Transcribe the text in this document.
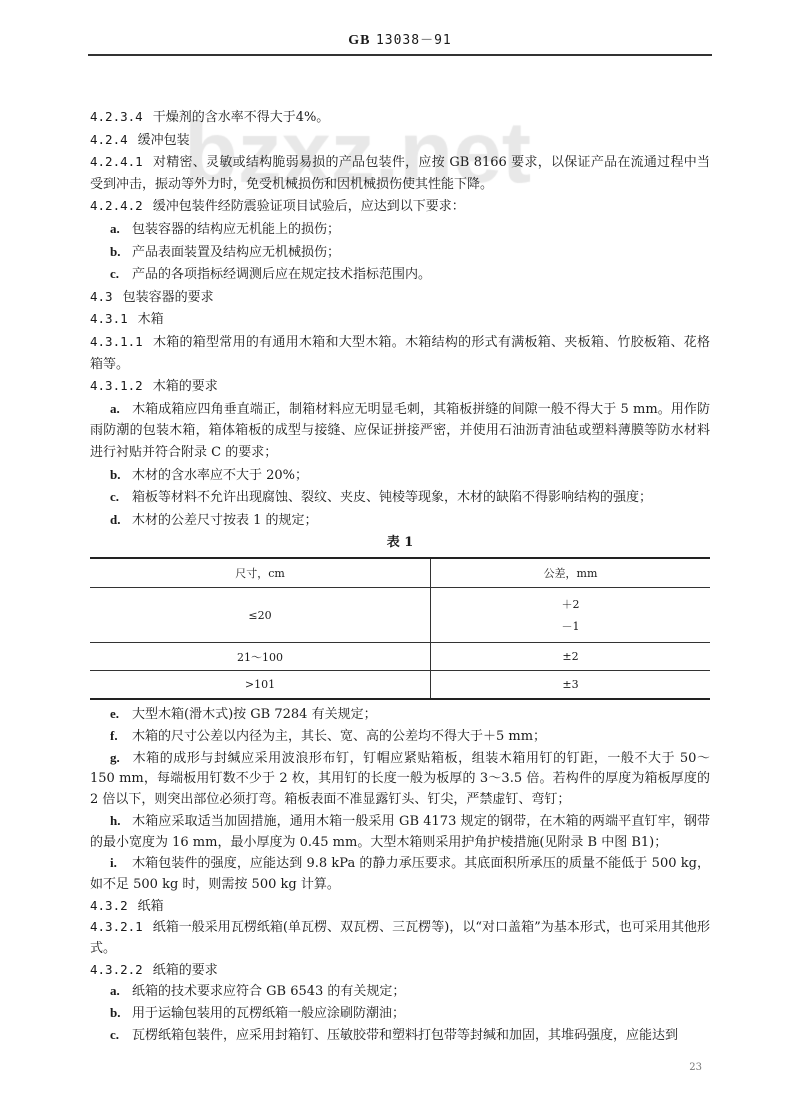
GB 13038－91

4.2.3.4 干燥剂的含水率不得大于4%。

4.2.4 缓冲包装

4.2.4.1 对精密、灵敏或结构脆弱易损的产品包装件，应按 GB 8166 要求，以保证产品在流通过程中当受到冲击，振动等外力时，免受机械损伤和因机械损伤使其性能下降。

4.2.4.2 缓冲包装件经防震验证项目试验后，应达到以下要求：

a. 包装容器的结构应无机能上的损伤；

b. 产品表面装置及结构应无机械损伤；

c. 产品的各项指标经调测后应在规定技术指标范围内。

4.3 包装容器的要求

4.3.1 木箱

4.3.1.1 木箱的箱型常用的有通用木箱和大型木箱。木箱结构的形式有满板箱、夹板箱、竹胶板箱、花格箱等。

4.3.1.2 木箱的要求

a. 木箱成箱应四角垂直端正，制箱材料应无明显毛刺，其箱板拼缝的间隙一般不得大于 5 mm。用作防雨防潮的包装木箱，箱体箱板的成型与接缝、应保证拼接严密，并使用石油沥青油毡或塑料薄膜等防水材料进行衬贴并符合附录 C 的要求；

b. 木材的含水率应不大于 20%；

c. 箱板等材料不允许出现腐蚀、裂纹、夹皮、钝棱等现象，木材的缺陷不得影响结构的强度；

d. 木材的公差尺寸按表 1 的规定；

表 1
尺寸，cm	公差，mm
≤20	＋2
－1

21～100	±2
>101	±3

e. 大型木箱(滑木式)按 GB 7284 有关规定；

f. 木箱的尺寸公差以内径为主，其长、宽、高的公差均不得大于＋5 mm；

g. 木箱的成形与封缄应采用波浪形布钉，钉帽应紧贴箱板，组装木箱用钉的钉距，一般不大于 50～150 mm，每端板用钉数不少于 2 枚，其用钉的长度一般为板厚的 3～3.5 倍。若构件的厚度为箱板厚度的 2 倍以下，则突出部位必须打弯。箱板表面不准显露钉头、钉尖，严禁虚钉、弯钉；

h. 木箱应采取适当加固措施，通用木箱一般采用 GB 4173 规定的钢带，在木箱的两端平直钉牢，钢带的最小宽度为 16 mm，最小厚度为 0.45 mm。大型木箱则采用护角护棱措施(见附录 B 中图 B1)；

i. 木箱包装件的强度，应能达到 9.8 kPa 的静力承压要求。其底面积所承压的质量不能低于 500 kg，如不足 500 kg 时，则需按 500 kg 计算。

4.3.2 纸箱

4.3.2.1 纸箱一般采用瓦楞纸箱(单瓦楞、双瓦楞、三瓦楞等)，以“对口盖箱”为基本形式，也可采用其他形式。

4.3.2.2 纸箱的要求

a. 纸箱的技术要求应符合 GB 6543 的有关规定；

b. 用于运输包装用的瓦楞纸箱一般应涂刷防潮油；

c. 瓦楞纸箱包装件，应采用封箱钉、压敏胶带和塑料打包带等封缄和加固，其堆码强度，应能达到

23
